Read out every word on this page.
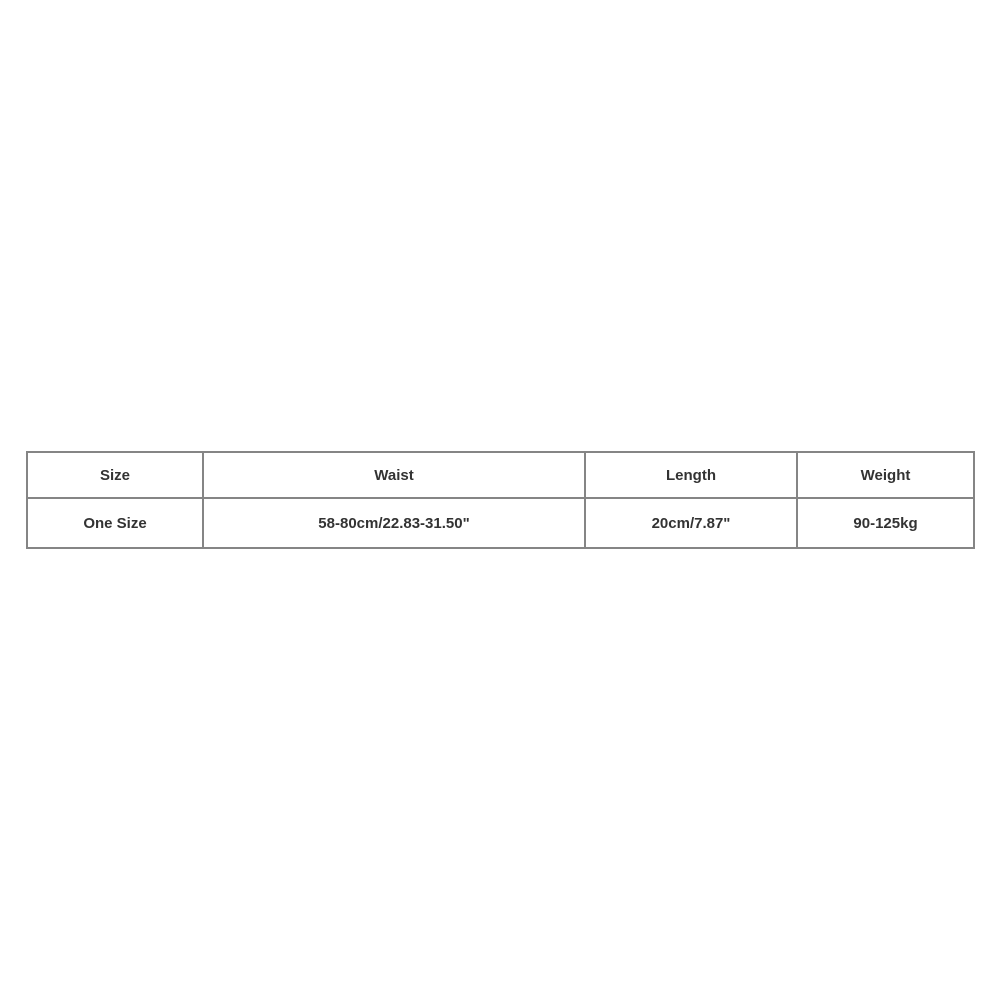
Size	Waist	Length	Weight
One Size	58-80cm/22.83-31.50"	20cm/7.87"	90-125kg
